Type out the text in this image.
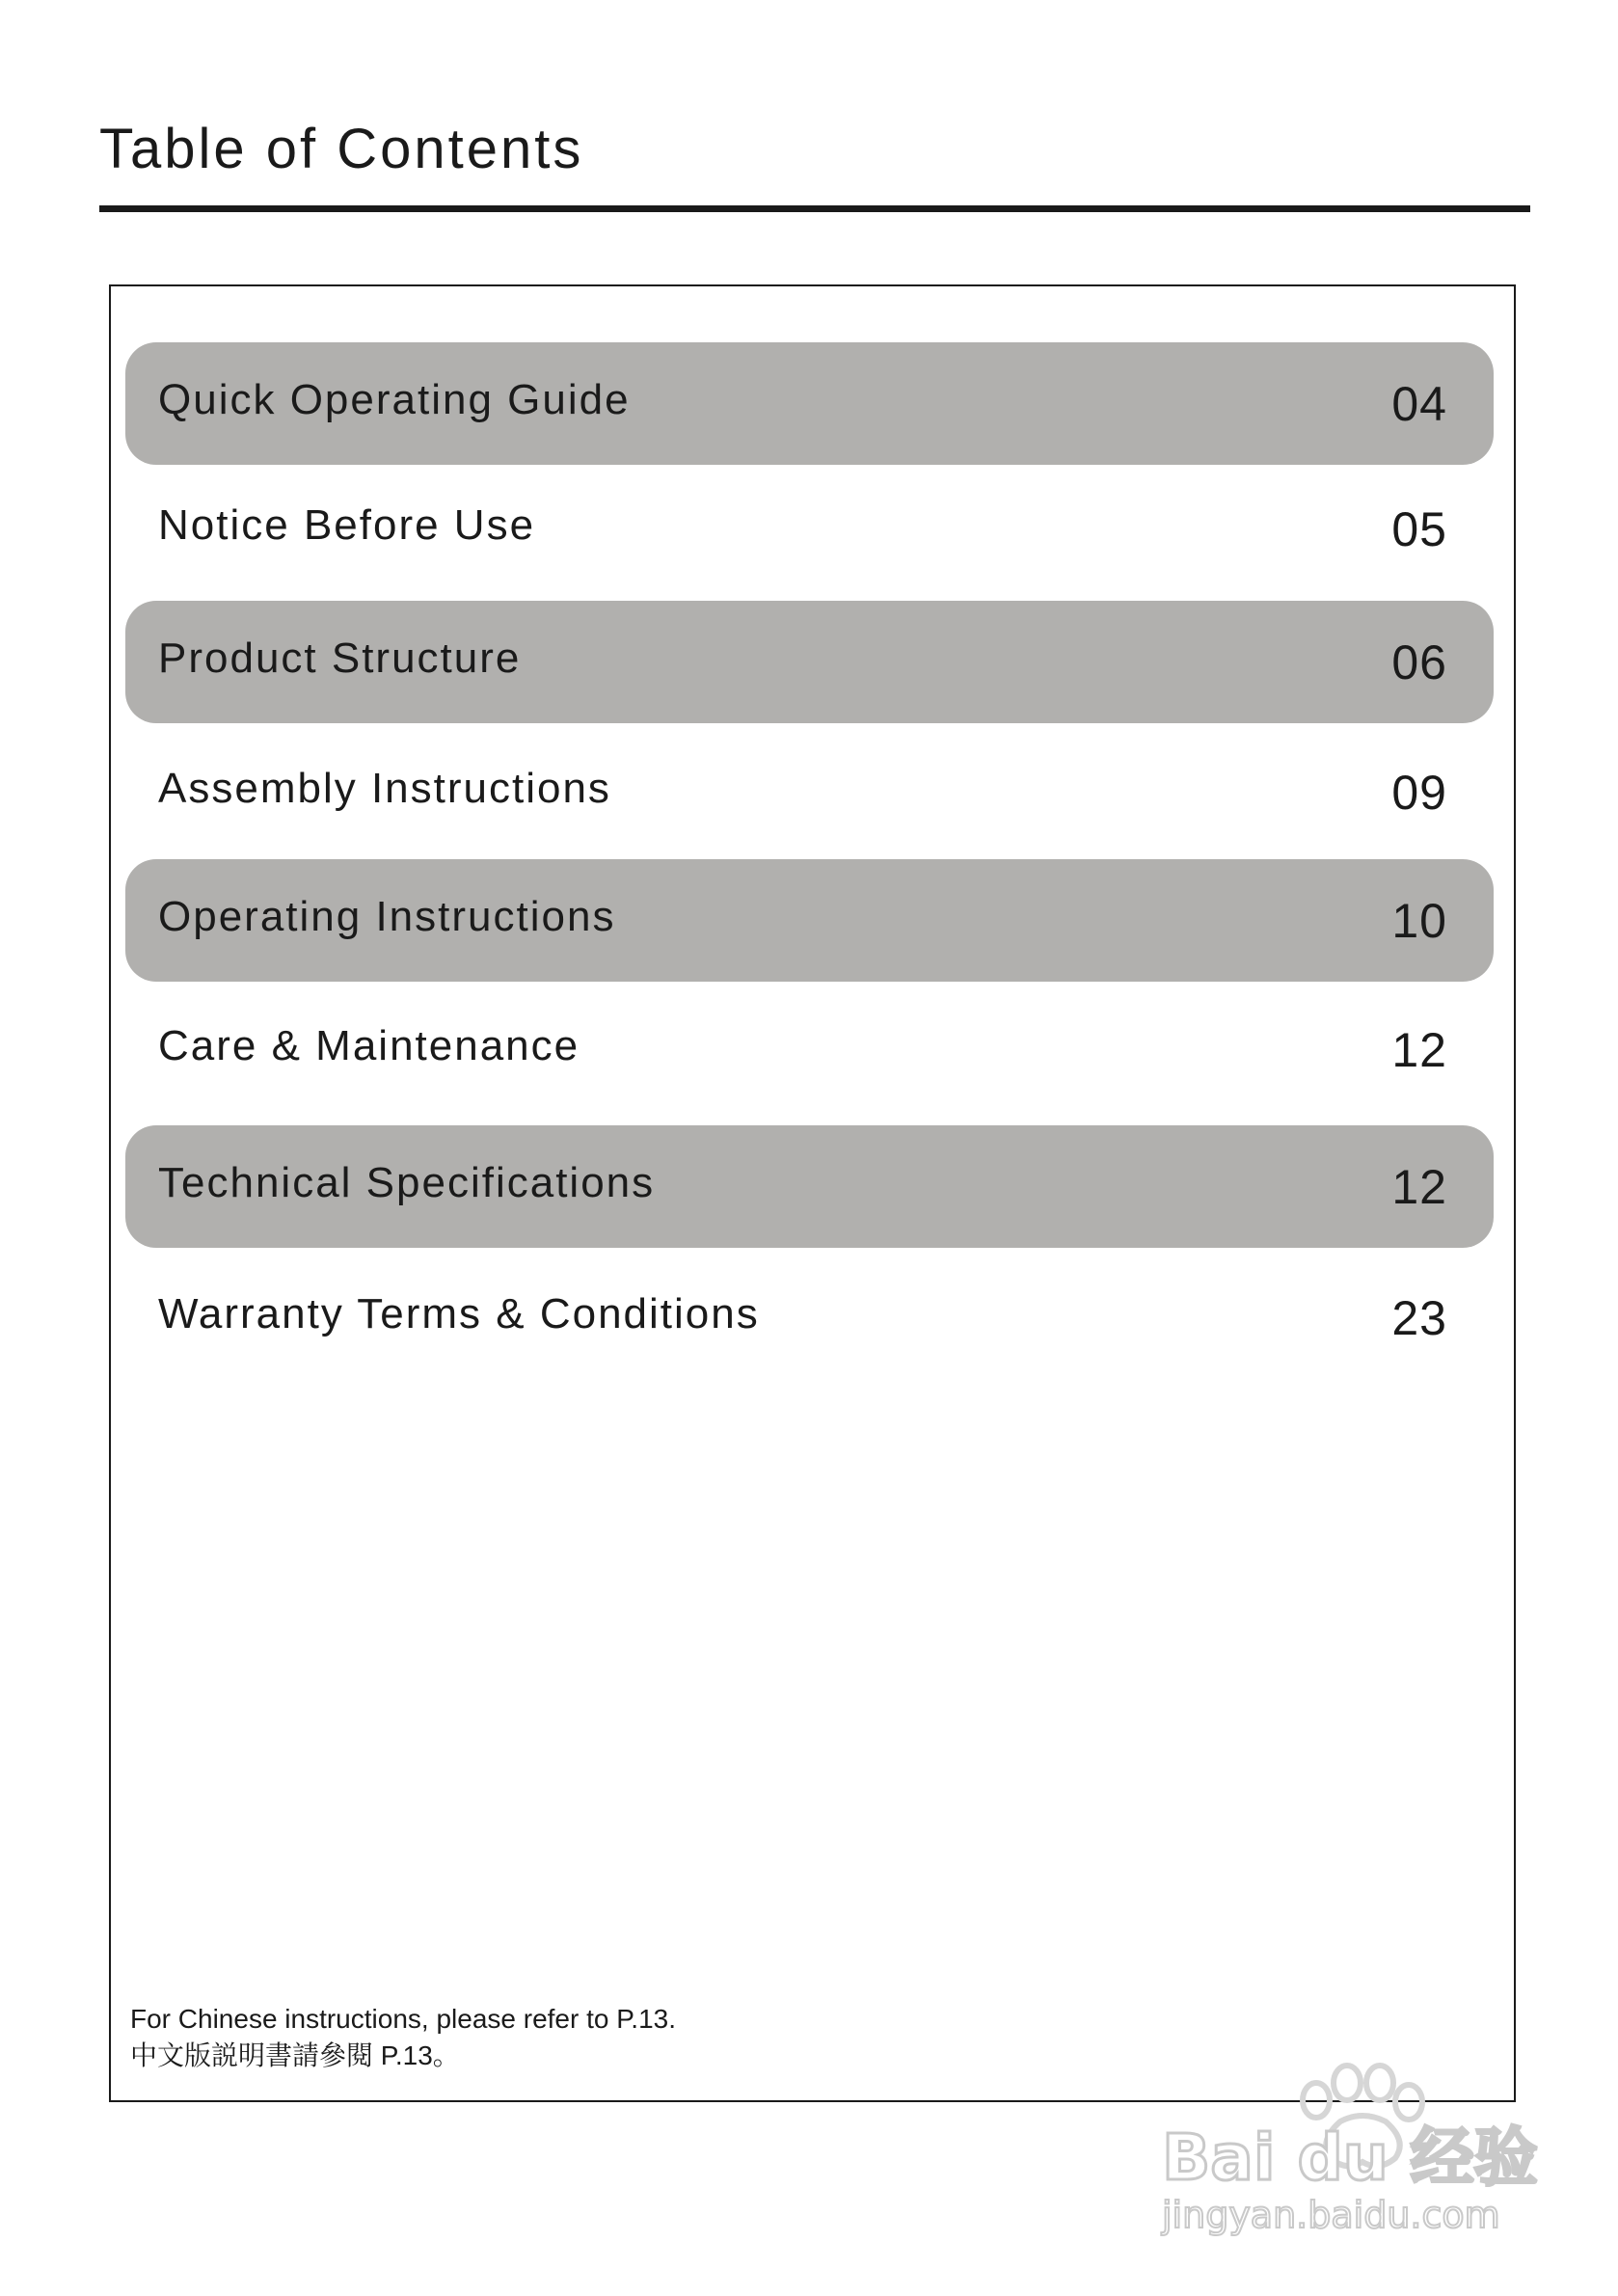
Table of Contents
Quick Operating Guide	04
Notice Before Use	05
Product Structure	06
Assembly Instructions	09
Operating Instructions	10
Care & Maintenance	12
Technical Specifications	12
Warranty Terms & Conditions	23
For Chinese instructions, please refer to P.13.
中文版説明書請參閱 P.13。
Bai du 经验
jingyan.baidu.com
